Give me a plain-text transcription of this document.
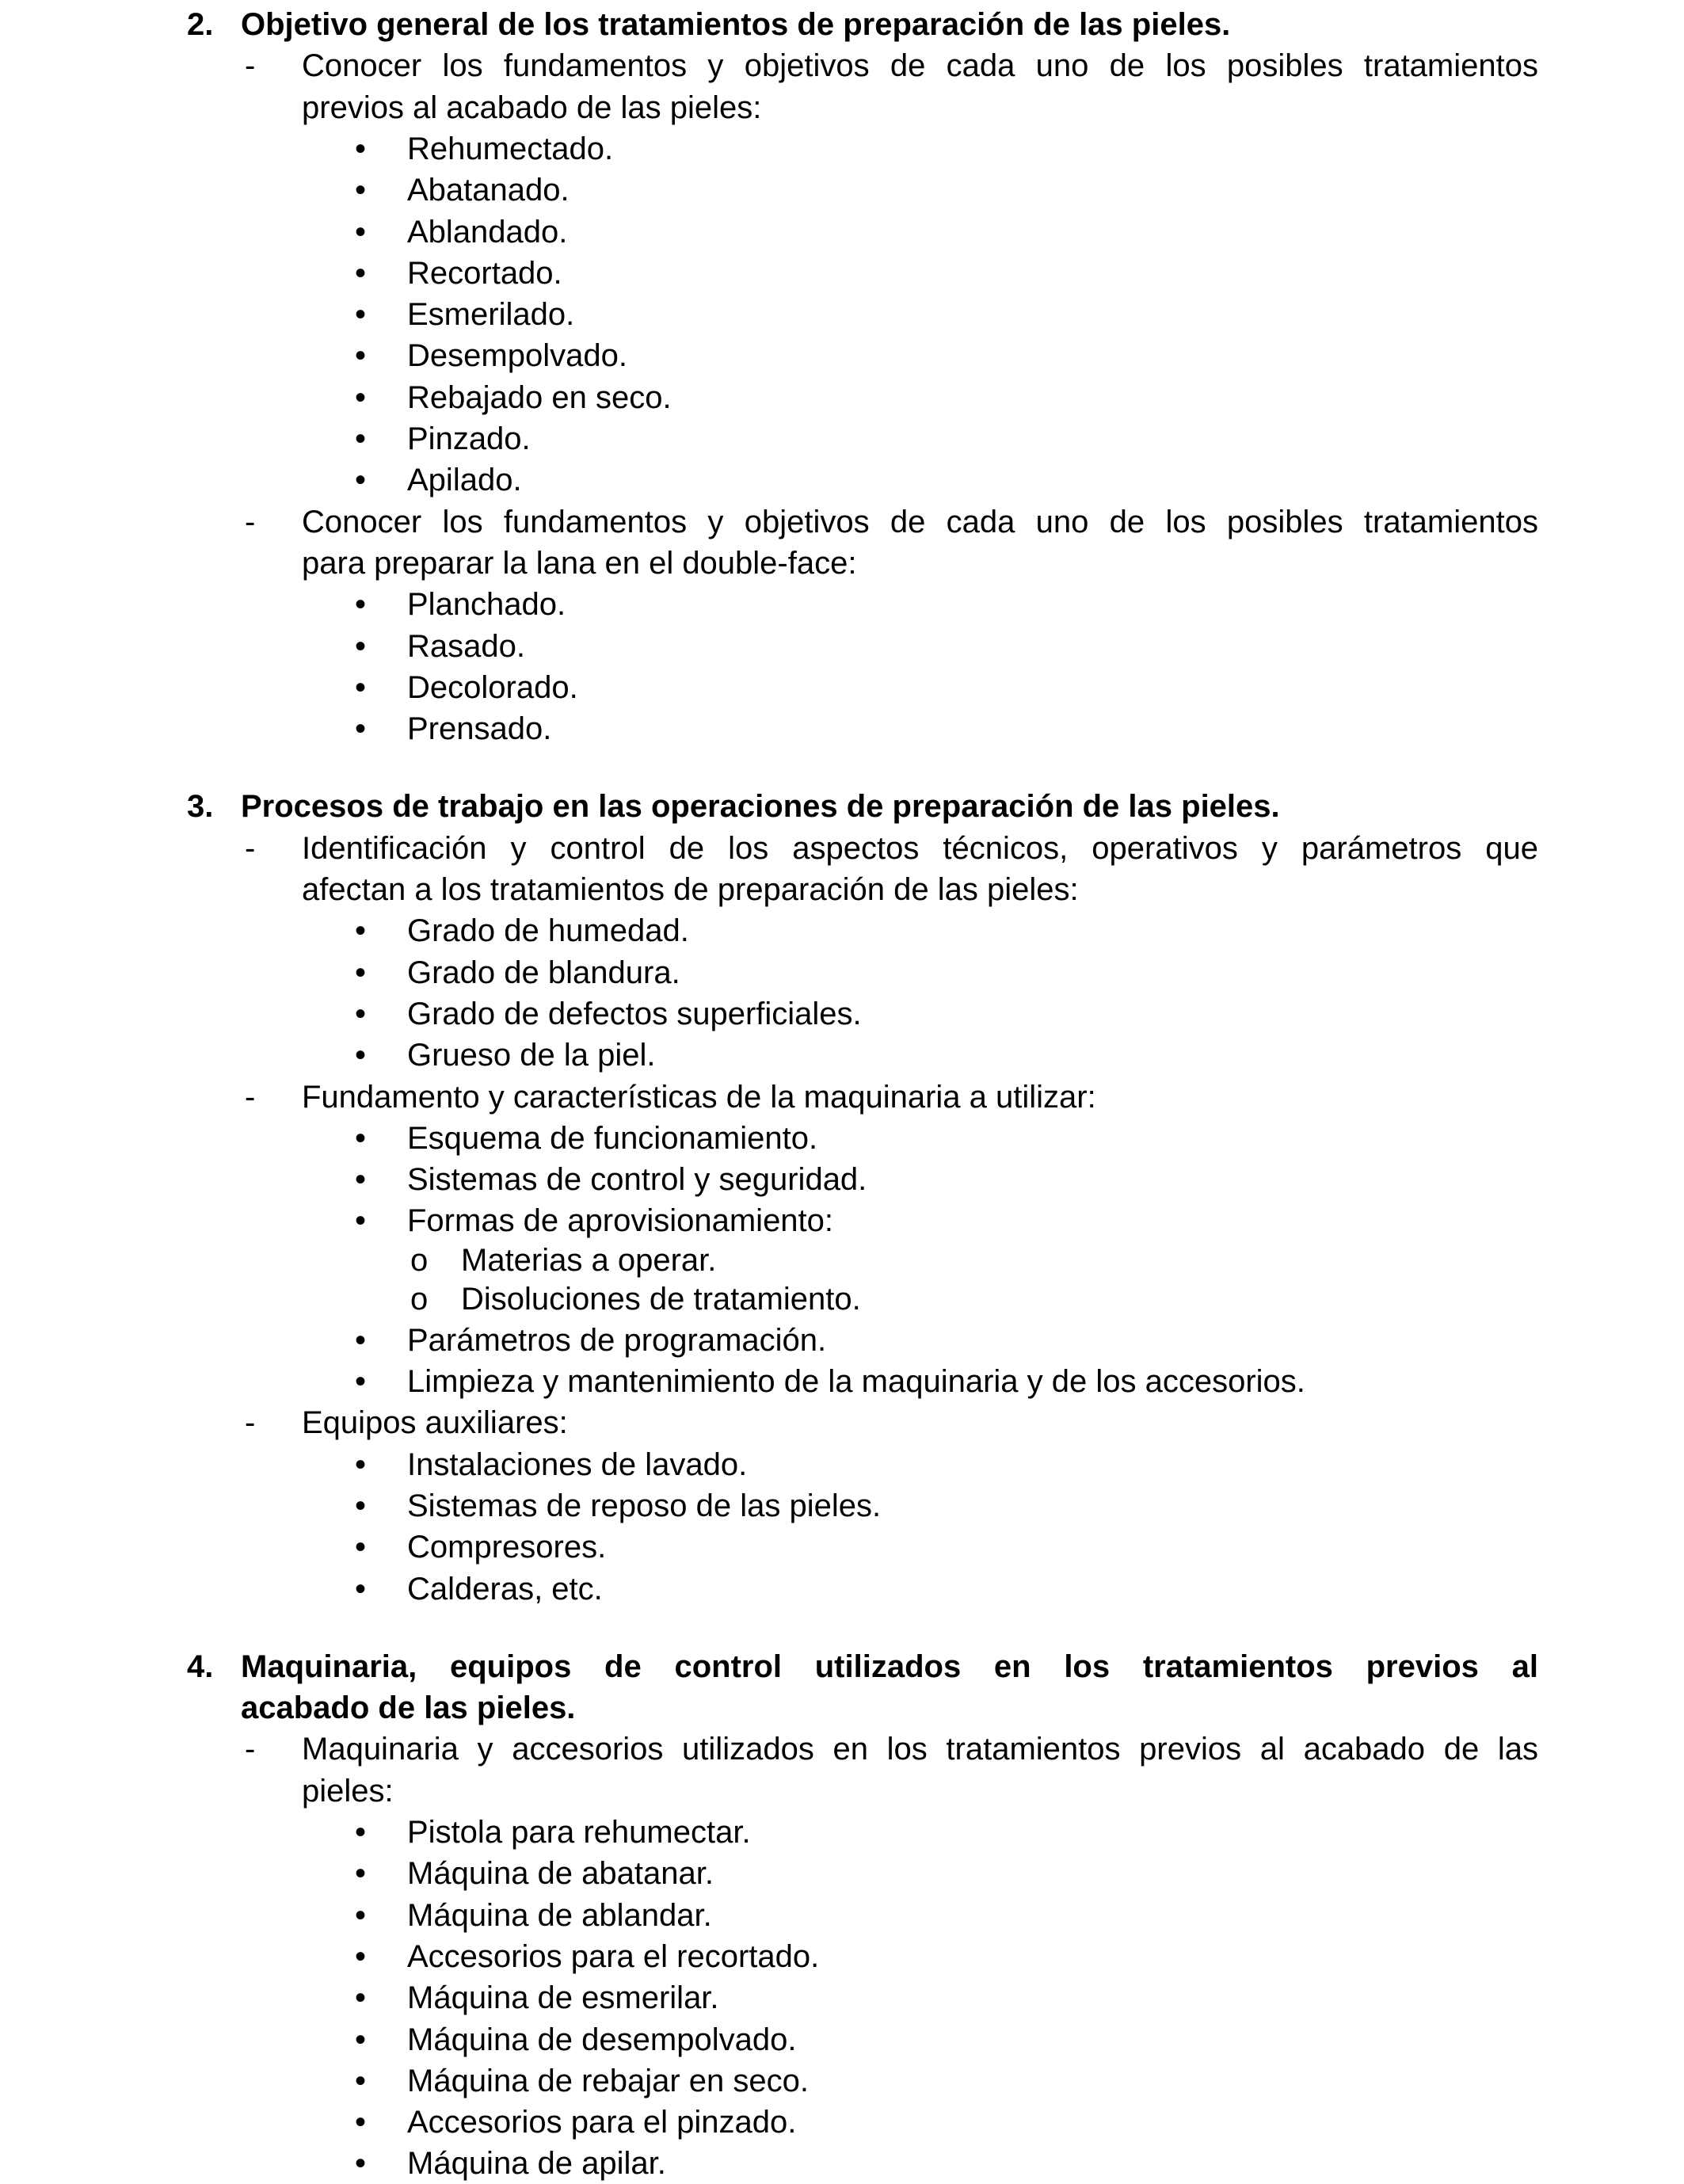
2. Objetivo general de los tratamientos de preparación de las pieles.
- Conocer los fundamentos y objetivos de cada uno de los posibles tratamientos
previos al acabado de las pieles:
• Rehumectado.
• Abatanado.
• Ablandado.
• Recortado.
• Esmerilado.
• Desempolvado.
• Rebajado en seco.
• Pinzado.
• Apilado.
- Conocer los fundamentos y objetivos de cada uno de los posibles tratamientos
para preparar la lana en el double-face:
• Planchado.
• Rasado.
• Decolorado.
• Prensado.
3. Procesos de trabajo en las operaciones de preparación de las pieles.
- Identificación y control de los aspectos técnicos, operativos y parámetros que
afectan a los tratamientos de preparación de las pieles:
• Grado de humedad.
• Grado de blandura.
• Grado de defectos superficiales.
• Grueso de la piel.
- Fundamento y características de la maquinaria a utilizar:
• Esquema de funcionamiento.
• Sistemas de control y seguridad.
• Formas de aprovisionamiento:
o Materias a operar.
o Disoluciones de tratamiento.
• Parámetros de programación.
• Limpieza y mantenimiento de la maquinaria y de los accesorios.
- Equipos auxiliares:
• Instalaciones de lavado.
• Sistemas de reposo de las pieles.
• Compresores.
• Calderas, etc.
4. Maquinaria, equipos de control utilizados en los tratamientos previos al
acabado de las pieles.
- Maquinaria y accesorios utilizados en los tratamientos previos al acabado de las
pieles:
• Pistola para rehumectar.
• Máquina de abatanar.
• Máquina de ablandar.
• Accesorios para el recortado.
• Máquina de esmerilar.
• Máquina de desempolvado.
• Máquina de rebajar en seco.
• Accesorios para el pinzado.
• Máquina de apilar.
